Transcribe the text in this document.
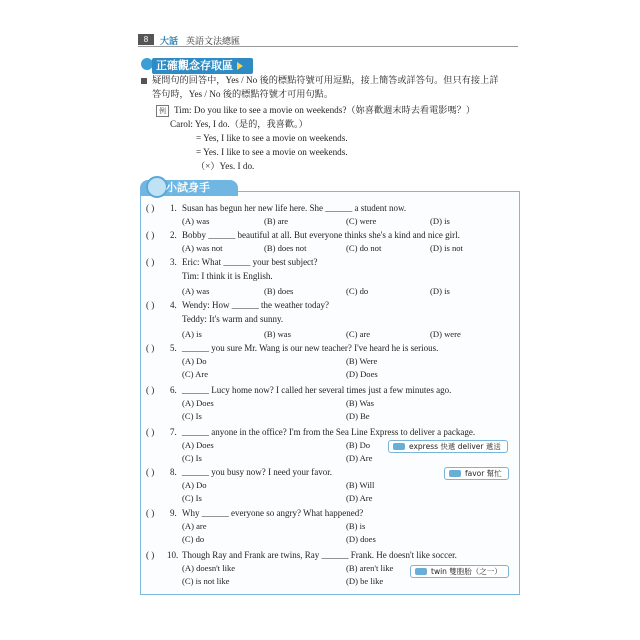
8	大話 英語文法總匯
正確觀念存取區
疑問句的回答中，Yes / No 後的標點符號可用逗點，接上簡答或詳答句。但只有接上詳
答句時，Yes / No 後的標點符號才可用句點。
例 Tim: Do you like to see a movie on weekends?（妳喜歡週末時去看電影嗎？）
Carol: Yes, I do.（是的，我喜歡。）
= Yes, I like to see a movie on weekends.
= Yes. I like to see a movie on weekends.
（×）Yes. I do.
小試身手
( ) 1. Susan has begun her new life here. She ______ a student now.
(A) was	(B) are	(C) were	(D) is
( ) 2. Bobby ______ beautiful at all. But everyone thinks she's a kind and nice girl.
(A) was not	(B) does not	(C) do not	(D) is not
( ) 3. Eric: What ______ your best subject?
Tim: I think it is English.
(A) was	(B) does	(C) do	(D) is
( ) 4. Wendy: How ______ the weather today?
Teddy: It's warm and sunny.
(A) is	(B) was	(C) are	(D) were
( ) 5. ______ you sure Mr. Wang is our new teacher? I've heard he is serious.
(A) Do	(B) Were
(C) Are	(D) Does
( ) 6. ______ Lucy home now? I called her several times just a few minutes ago.
(A) Does	(B) Was
(C) Is	(D) Be
( ) 7. ______ anyone in the office? I'm from the Sea Line Express to deliver a package.
(A) Does	(B) Do
(C) Is	(D) Are
express 快遞 deliver 遞送
( ) 8. ______ you busy now? I need your favor.
(A) Do	(B) Will
(C) Is	(D) Are
favor 幫忙
( ) 9. Why ______ everyone so angry? What happened?
(A) are	(B) is
(C) do	(D) does
( ) 10. Though Ray and Frank are twins, Ray ______ Frank. He doesn't like soccer.
(A) doesn't like	(B) aren't like
(C) is not like	(D) be like
twin 雙胞胎（之一）
